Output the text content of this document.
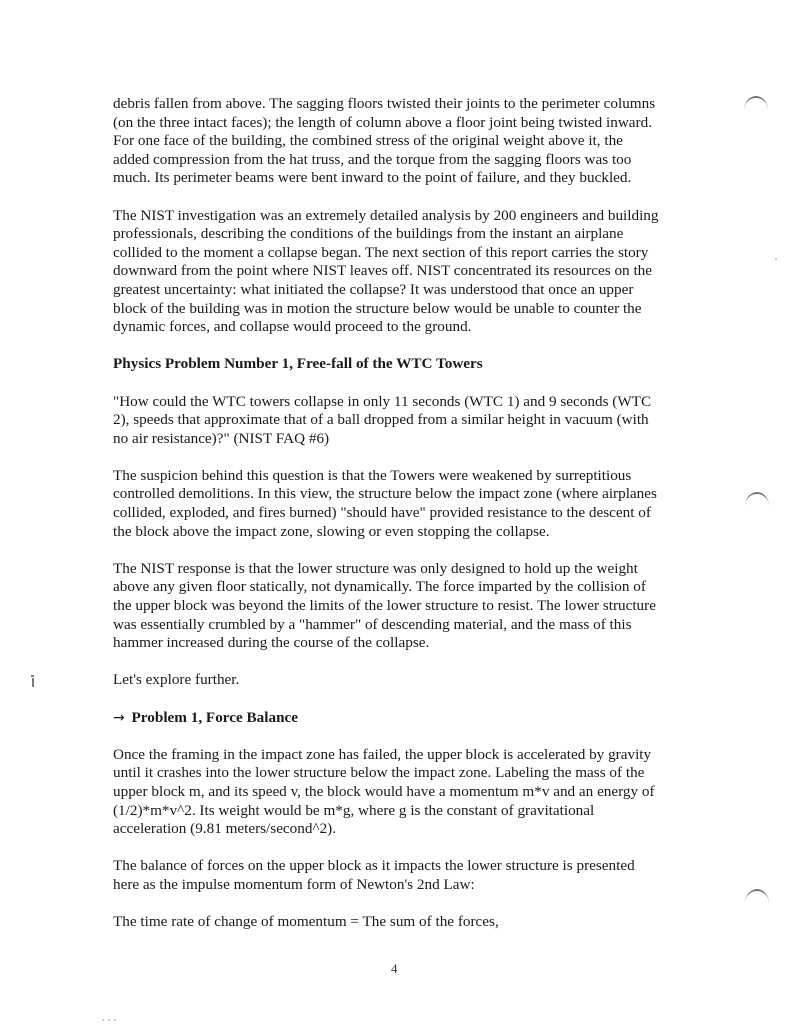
debris fallen from above. The sagging floors twisted their joints to the perimeter columns
(on the three intact faces); the length of column above a floor joint being twisted inward.
For one face of the building, the combined stress of the original weight above it, the
added compression from the hat truss, and the torque from the sagging floors was too
much. Its perimeter beams were bent inward to the point of failure, and they buckled.

The NIST investigation was an extremely detailed analysis by 200 engineers and building
professionals, describing the conditions of the buildings from the instant an airplane
collided to the moment a collapse began. The next section of this report carries the story
downward from the point where NIST leaves off. NIST concentrated its resources on the
greatest uncertainty: what initiated the collapse? It was understood that once an upper
block of the building was in motion the structure below would be unable to counter the
dynamic forces, and collapse would proceed to the ground.

Physics Problem Number 1, Free-fall of the WTC Towers

"How could the WTC towers collapse in only 11 seconds (WTC 1) and 9 seconds (WTC
2), speeds that approximate that of a ball dropped from a similar height in vacuum (with
no air resistance)?" (NIST FAQ #6)

The suspicion behind this question is that the Towers were weakened by surreptitious
controlled demolitions. In this view, the structure below the impact zone (where airplanes
collided, exploded, and fires burned) "should have" provided resistance to the descent of
the block above the impact zone, slowing or even stopping the collapse.

The NIST response is that the lower structure was only designed to hold up the weight
above any given floor statically, not dynamically. The force imparted by the collision of
the upper block was beyond the limits of the lower structure to resist. The lower structure
was essentially crumbled by a "hammer" of descending material, and the mass of this
hammer increased during the course of the collapse.

Let's explore further.

→ Problem 1, Force Balance

Once the framing in the impact zone has failed, the upper block is accelerated by gravity
until it crashes into the lower structure below the impact zone. Labeling the mass of the
upper block m, and its speed v, the block would have a momentum m*v and an energy of
(1/2)*m*v^2. Its weight would be m*g, where g is the constant of gravitational
acceleration (9.81 meters/second^2).

The balance of forces on the upper block as it impacts the lower structure is presented
here as the impulse momentum form of Newton's 2nd Law:

The time rate of change of momentum = The sum of the forces,

4
